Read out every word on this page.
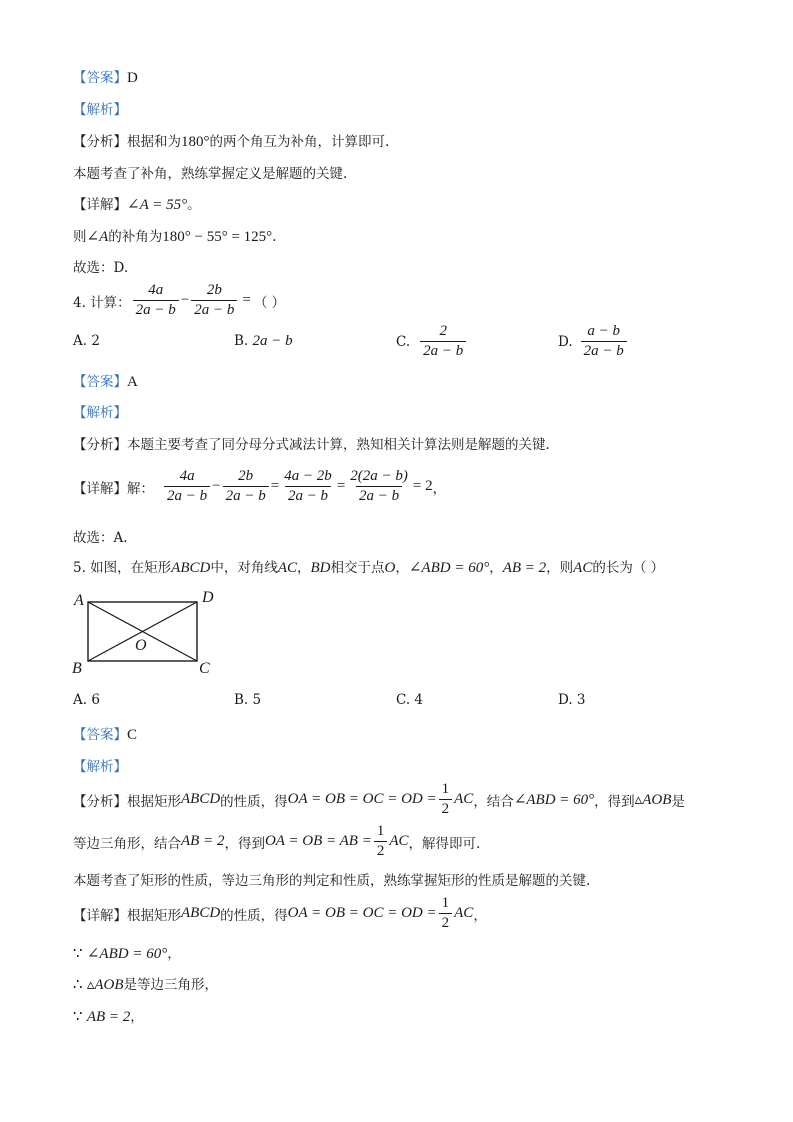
【答案】D
【解析】
【分析】根据和为180°的两个角互为补角，计算即可.
本题考查了补角，熟练掌握定义是解题的关键.
【详解】∠A = 55°。
则∠A的补角为180° − 55° = 125°.
故选：D.
4. 计算： $\frac{4a}{2a - b} - \frac{2b}{2a - b}$ = （ ）
A. 2	B. 2a − b	C. $\frac{2}{2a - b}$	D. $\frac{a - b}{2a - b}$
【答案】A
【解析】
【分析】本题主要考查了同分母分式减法计算，熟知相关计算法则是解题的关键.
【详解】 解： $\frac{4a}{2a - b} - \frac{2b}{2a - b} = \frac{4a - 2b}{2a - b} = \frac{2(2a - b)}{2a - b} = 2$ ，
故选：A.
5. 如图，在矩形ABCD中，对角线AC，BD相交于点O，∠ABD = 60°，AB = 2，则AC的长为（ ）
A	D
B	C
O
A. 6	B. 5	C. 4	D. 3
【答案】C
【解析】
【分析】 根据矩形 ABCD 的性质，得 OA = OB = OC = OD = $\frac{1}{2}$ AC ，结合 ∠ABD = 60° ，得到 ▵AOB 是
等边三角形，结合 AB = 2 ，得到 OA = OB = AB = $\frac{1}{2}$ AC ，解得即可.
本题考查了矩形的性质，等边三角形的判定和性质，熟练掌握矩形的性质是解题的关键.
【详解】 根据矩形 ABCD 的性质，得 OA = OB = OC = OD = $\frac{1}{2}$ AC ，
∵ ∠ABD = 60°，
∴ ▵AOB是等边三角形，
∵ AB = 2，
